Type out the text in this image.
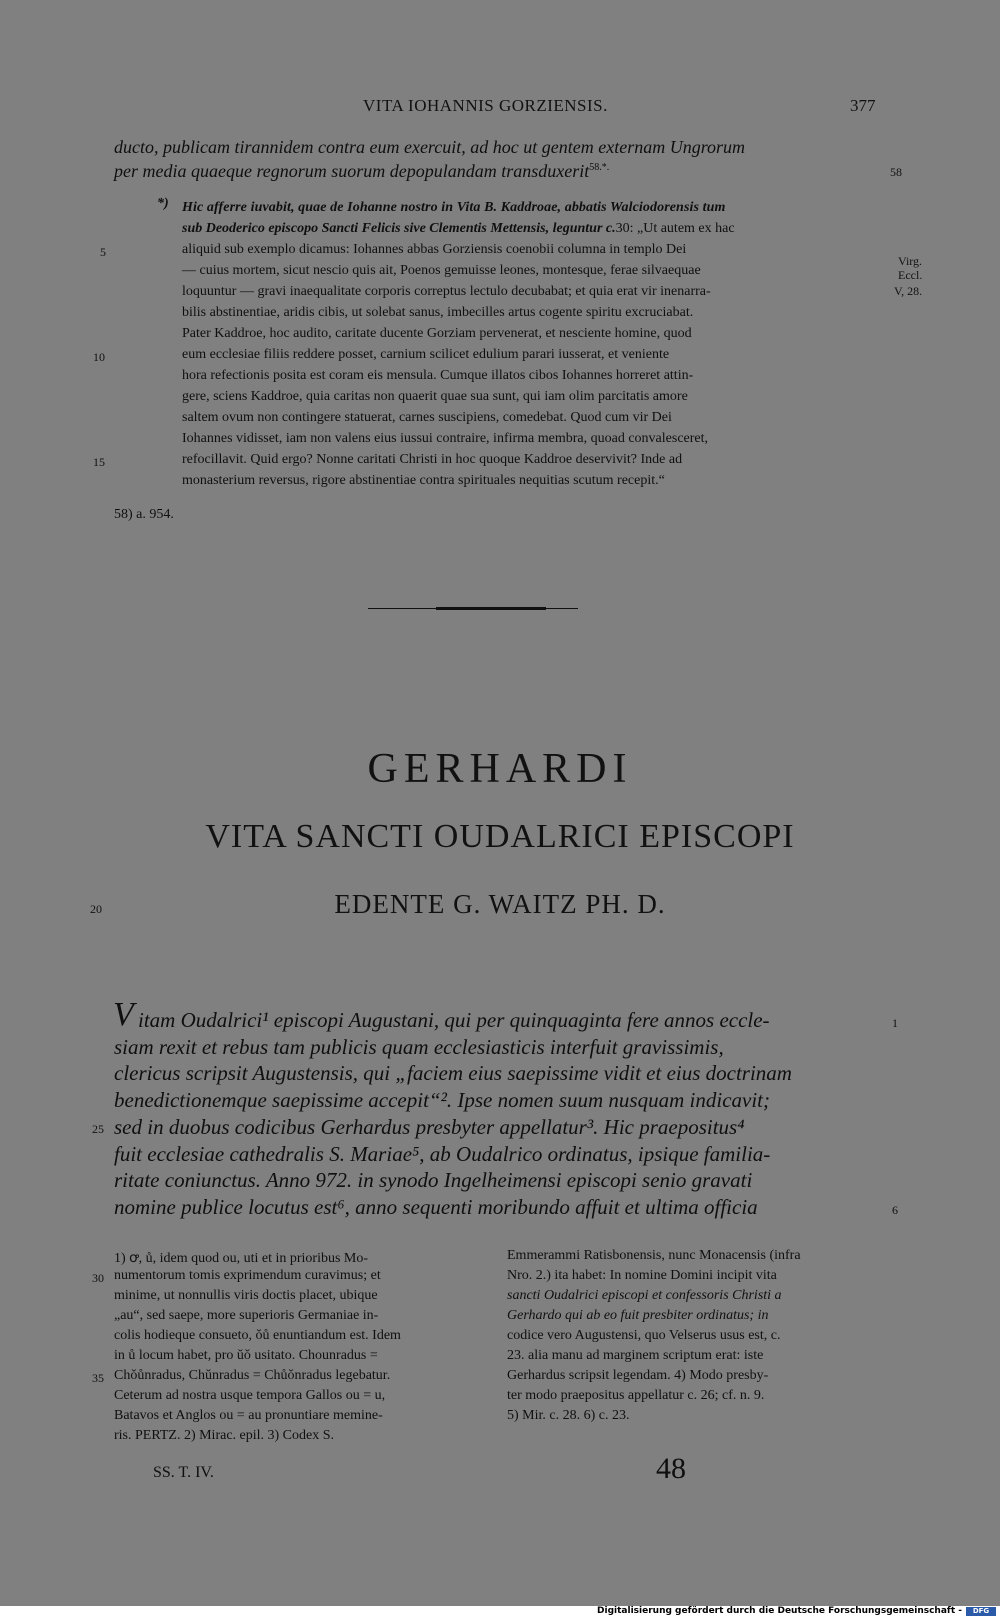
VITA IOHANNIS GORZIENSIS.	377
ducto, publicam tirannidem contra eum exercuit, ad hoc ut gentem externam Ungrorum
per media quaeque regnorum suorum depopulandam transduxerit$^{58.*.}$	58
*) Hic afferre iuvabit, quae de Iohanne nostro in Vita B. Kaddroae, abbatis Walciodorensis tum
sub Deoderico episcopo Sancti Felicis sive Clementis Mettensis, leguntur c.30: „Ut autem ex hac
aliquid sub exemplo dicamus: Iohannes abbas Gorziensis coenobii columna in templo Dei
— cuius mortem, sicut nescio quis ait, Poenos gemuisse leones, montesque, ferae silvaequae
loquuntur — gravi inaequalitate corporis correptus lectulo decubabat; et quia erat vir inenarra-
bilis abstinentiae, aridis cibis, ut solebat sanus, imbecilles artus cogente spiritu excruciabat.
Pater Kaddroe, hoc audito, caritate ducente Gorziam pervenerat, et nesciente homine, quod
eum ecclesiae filiis reddere posset, carnium scilicet edulium parari iusserat, et veniente
hora refectionis posita est coram eis mensula. Cumque illatos cibos Iohannes horreret attin-
gere, sciens Kaddroe, quia caritas non quaerit quae sua sunt, qui iam olim parcitatis amore
saltem ovum non contingere statuerat, carnes suscipiens, comedebat. Quod cum vir Dei
Iohannes vidisset, iam non valens eius iussui contraire, infirma membra, quoad convalesceret,
refocillavit. Quid ergo? Nonne caritati Christi in hoc quoque Kaddroe deservivit? Inde ad
monasterium reversus, rigore abstinentiae contra spirituales nequitias scutum recepit.“
5
10
15
Virg.
Eccl.
V, 28.
58) a. 954.
GERHARDI
VITA SANCTI OUDALRICI EPISCOPI
EDENTE G. WAITZ PH. D.
20
V itam Oudalrici¹ episcopi Augustani, qui per quinquaginta fere annos eccle-
siam rexit et rebus tam publicis quam ecclesiasticis interfuit gravissimis,
clericus scripsit Augustensis, qui „faciem eius saepissime vidit et eius doctrinam
benedictionemque saepissime accepit“². Ipse nomen suum nusquam indicavit;
sed in duobus codicibus Gerhardus presbyter appellatur³. Hic praepositus⁴
fuit ecclesiae cathedralis S. Mariae⁵, ab Oudalrico ordinatus, ipsique familia-
ritate coniunctus. Anno 972. in synodo Ingelheimensi episcopi senio gravati
nomine publice locutus est⁶, anno sequenti moribundo affuit et ultima officia
25
1
6
1) ꝍ, ů, idem quod ou, uti et in prioribus Mo-
numentorum tomis exprimendum curavimus; et
minime, ut nonnullis viris doctis placet, ubique
„au“, sed saepe, more superioris Germaniae in-
colis hodieque consueto, ǒů enuntiandum est. Idem
in ů locum habet, pro ǔǒ usitato. Chounradus =
Chǒůnradus, Chǔnradus = Chůǒnradus legebatur.
Ceterum ad nostra usque tempora Gallos ou = u,
Batavos et Anglos ou = au pronuntiare memine-
ris. PERTZ. 2) Mirac. epil. 3) Codex S.
30
35
Emmerammi Ratisbonensis, nunc Monacensis (infra
Nro. 2.) ita habet: In nomine Domini incipit vita
sancti Oudalrici episcopi et confessoris Christi a
Gerhardo qui ab eo fuit presbiter ordinatus; in
codice vero Augustensi, quo Velserus usus est, c.
23. alia manu ad marginem scriptum erat: iste
Gerhardus scripsit legendam. 4) Modo presby-
ter modo praepositus appellatur c. 26; cf. n. 9.
5) Mir. c. 28. 6) c. 23.
SS. T. IV.	48
Digitalisierung gefördert durch die Deutsche Forschungsgemeinschaft -	DFG
